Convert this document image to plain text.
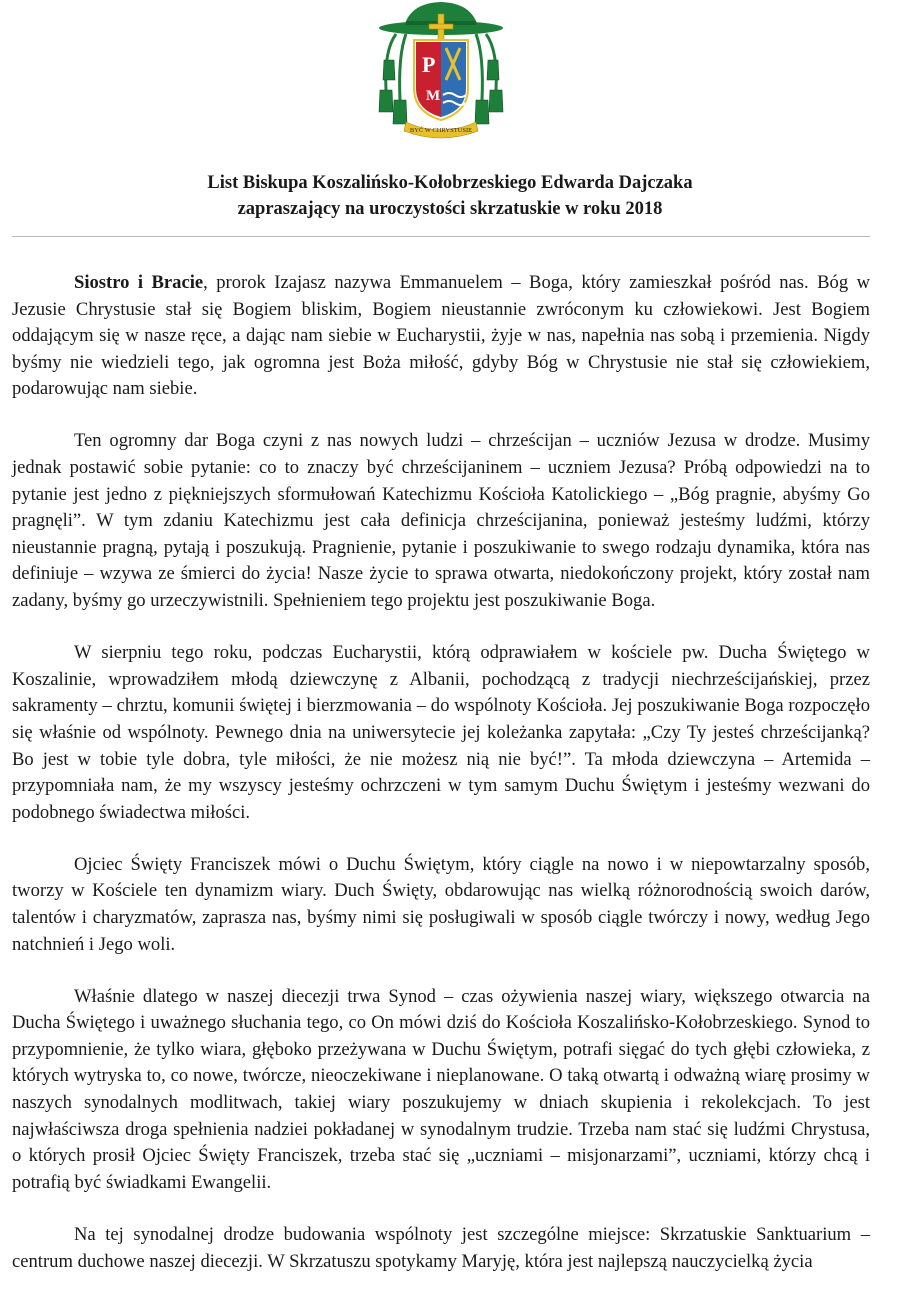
P
M
BYĆ W CHRYSTUSIE
List Biskupa Koszalińsko-Kołobrzeskiego Edwarda Dajczaka
zapraszający na uroczystości skrzatuskie w roku 2018

Siostro i Bracie, prorok Izajasz nazywa Emmanuelem – Boga, który zamieszkał pośród nas. Bóg w Jezusie Chrystusie stał się Bogiem bliskim, Bogiem nieustannie zwróconym ku człowiekowi. Jest Bogiem oddającym się w nasze ręce, a dając nam siebie w Eucharystii, żyje w nas, napełnia nas sobą i przemienia. Nigdy byśmy nie wiedzieli tego, jak ogromna jest Boża miłość, gdyby Bóg w Chrystusie nie stał się człowiekiem, podarowując nam siebie.

Ten ogromny dar Boga czyni z nas nowych ludzi – chrześcijan – uczniów Jezusa w drodze. Musimy jednak postawić sobie pytanie: co to znaczy być chrześcijaninem – uczniem Jezusa? Próbą odpowiedzi na to pytanie jest jedno z piękniejszych sformułowań Katechizmu Kościoła Katolickiego – „Bóg pragnie, abyśmy Go pragnęli”. W tym zdaniu Katechizmu jest cała definicja chrześcijanina, ponieważ jesteśmy ludźmi, którzy nieustannie pragną, pytają i poszukują. Pragnienie, pytanie i poszukiwanie to swego rodzaju dynamika, która nas definiuje – wzywa ze śmierci do życia! Nasze życie to sprawa otwarta, niedokończony projekt, który został nam zadany, byśmy go urzeczywistnili. Spełnieniem tego projektu jest poszukiwanie Boga.

W sierpniu tego roku, podczas Eucharystii, którą odprawiałem w kościele pw. Ducha Świętego w Koszalinie, wprowadziłem młodą dziewczynę z Albanii, pochodzącą z tradycji niechrześcijańskiej, przez sakramenty – chrztu, komunii świętej i bierzmowania – do wspólnoty Kościoła. Jej poszukiwanie Boga rozpoczęło się właśnie od wspólnoty. Pewnego dnia na uniwersytecie jej koleżanka zapytała: „Czy Ty jesteś chrześcijanką? Bo jest w tobie tyle dobra, tyle miłości, że nie możesz nią nie być!”. Ta młoda dziewczyna – Artemida – przypomniała nam, że my wszyscy jesteśmy ochrzczeni w tym samym Duchu Świętym i jesteśmy wezwani do podobnego świadectwa miłości.

Ojciec Święty Franciszek mówi o Duchu Świętym, który ciągle na nowo i w niepowtarzalny sposób, tworzy w Kościele ten dynamizm wiary. Duch Święty, obdarowując nas wielką różnorodnością swoich darów, talentów i charyzmatów, zaprasza nas, byśmy nimi się posługiwali w sposób ciągle twórczy i nowy, według Jego natchnień i Jego woli.

Właśnie dlatego w naszej diecezji trwa Synod – czas ożywienia naszej wiary, większego otwarcia na Ducha Świętego i uważnego słuchania tego, co On mówi dziś do Kościoła Koszalińsko-Kołobrzeskiego. Synod to przypomnienie, że tylko wiara, głęboko przeżywana w Duchu Świętym, potrafi sięgać do tych głębi człowieka, z których wytryska to, co nowe, twórcze, nieoczekiwane i nieplanowane. O taką otwartą i odważną wiarę prosimy w naszych synodalnych modlitwach, takiej wiary poszukujemy w dniach skupienia i rekolekcjach. To jest najwłaściwsza droga spełnienia nadziei pokładanej w synodalnym trudzie. Trzeba nam stać się ludźmi Chrystusa, o których prosił Ojciec Święty Franciszek, trzeba stać się „uczniami – misjonarzami”, uczniami, którzy chcą i potrafią być świadkami Ewangelii.

Na tej synodalnej drodze budowania wspólnoty jest szczególne miejsce: Skrzatuskie Sanktuarium – centrum duchowe naszej diecezji. W Skrzatuszu spotykamy Maryję, która jest najlepszą nauczycielką życia
